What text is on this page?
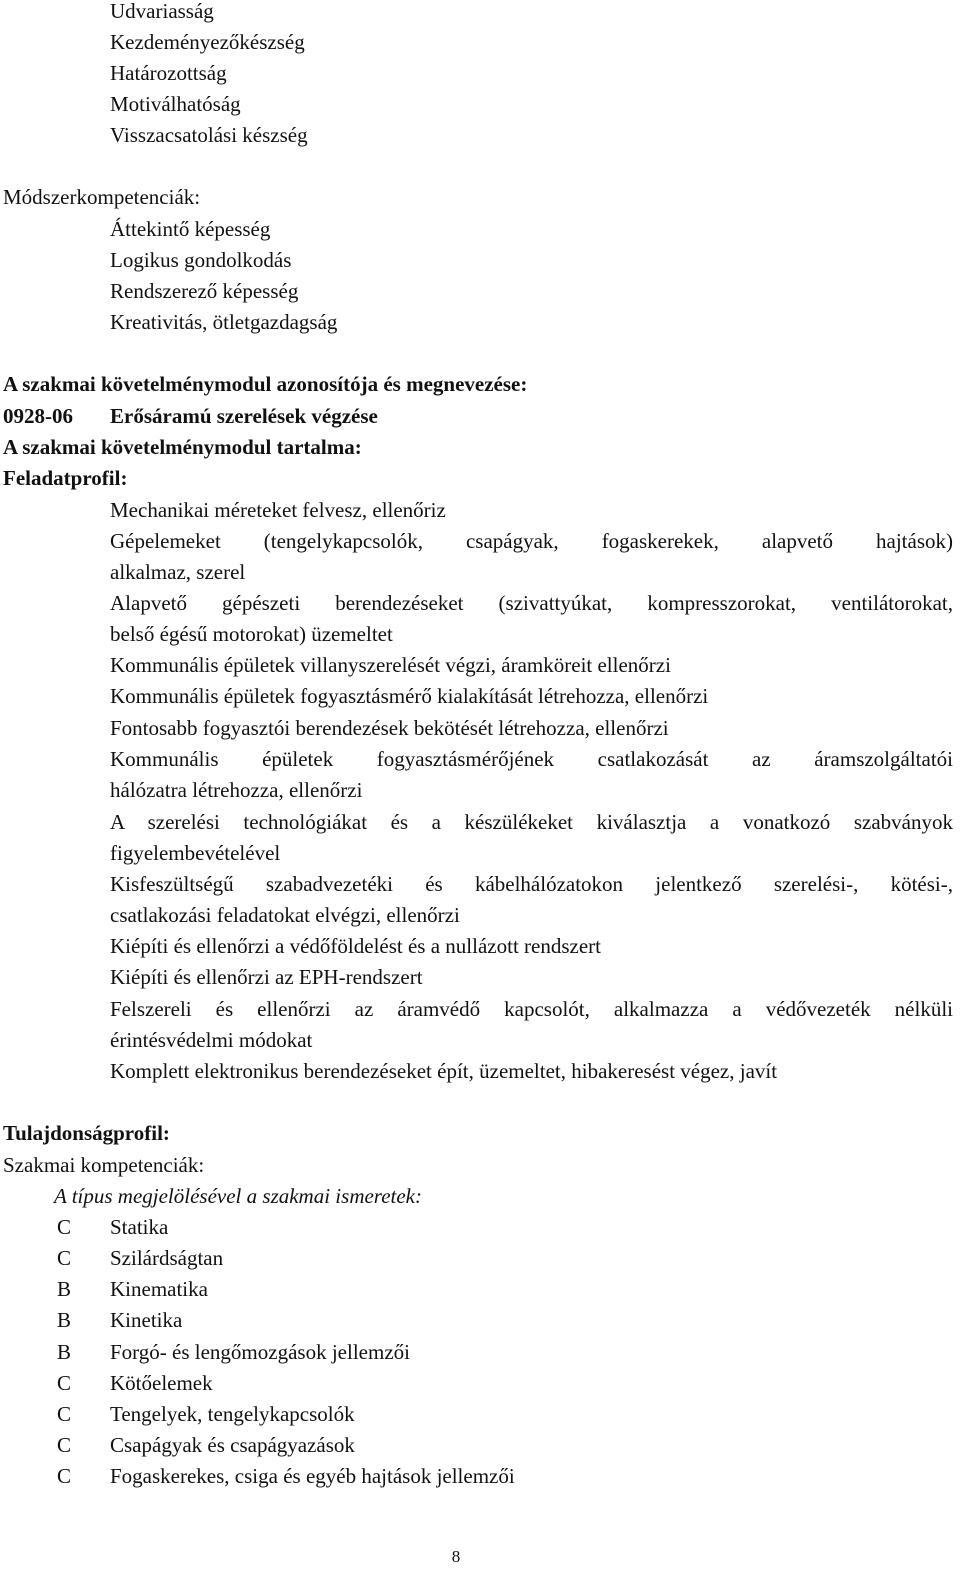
Udvariasság
Kezdeményezőkészség
Határozottság
Motiválhatóság
Visszacsatolási készség
Módszerkompetenciák:
Áttekintő képesség
Logikus gondolkodás
Rendszerező képesség
Kreativitás, ötletgazdagság
A szakmai követelménymodul azonosítója és megnevezése:
0928-06 Erősáramú szerelések végzése
A szakmai követelménymodul tartalma:
Feladatprofil:
Mechanikai méreteket felvesz, ellenőriz
Gépelemeket (tengelykapcsolók, csapágyak, fogaskerekek, alapvető hajtások)
alkalmaz, szerel
Alapvető gépészeti berendezéseket (szivattyúkat, kompresszorokat, ventilátorokat,
belső égésű motorokat) üzemeltet
Kommunális épületek villanyszerelését végzi, áramköreit ellenőrzi
Kommunális épületek fogyasztásmérő kialakítását létrehozza, ellenőrzi
Fontosabb fogyasztói berendezések bekötését létrehozza, ellenőrzi
Kommunális épületek fogyasztásmérőjének csatlakozását az áramszolgáltatói
hálózatra létrehozza, ellenőrzi
A szerelési technológiákat és a készülékeket kiválasztja a vonatkozó szabványok
figyelembevételével
Kisfeszültségű szabadvezetéki és kábelhálózatokon jelentkező szerelési-, kötési-,
csatlakozási feladatokat elvégzi, ellenőrzi
Kiépíti és ellenőrzi a védőföldelést és a nullázott rendszert
Kiépíti és ellenőrzi az EPH-rendszert
Felszereli és ellenőrzi az áramvédő kapcsolót, alkalmazza a védővezeték nélküli
érintésvédelmi módokat
Komplett elektronikus berendezéseket épít, üzemeltet, hibakeresést végez, javít
Tulajdonságprofil:
Szakmai kompetenciák:
A típus megjelölésével a szakmai ismeretek:
C Statika
C Szilárdságtan
B Kinematika
B Kinetika
B Forgó- és lengőmozgások jellemzői
C Kötőelemek
C Tengelyek, tengelykapcsolók
C Csapágyak és csapágyazások
C Fogaskerekes, csiga és egyéb hajtások jellemzői
8
